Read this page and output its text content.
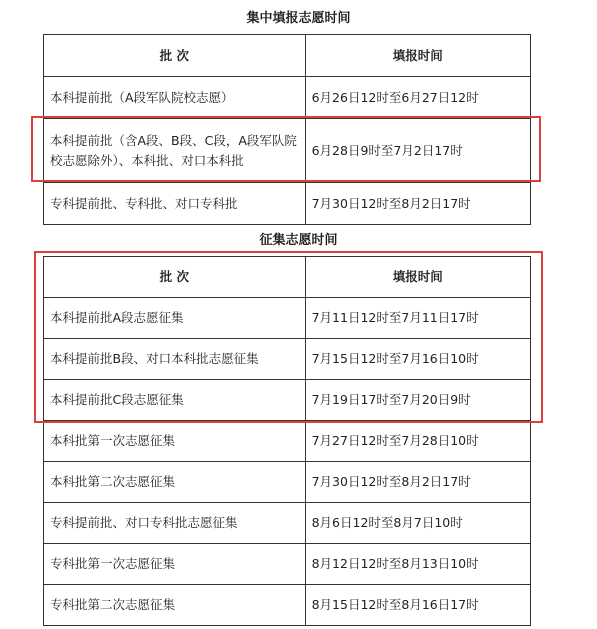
集中填报志愿时间
批 次	填报时间
本科提前批（A段军队院校志愿）	6月26日12时至6月27日12时
本科提前批（含A段、B段、C段，A段军队院校志愿除外）、本科批、对口本科批	6月28日9时至7月2日17时
专科提前批、专科批、对口专科批	7月30日12时至8月2日17时
征集志愿时间
批 次	填报时间
本科提前批A段志愿征集	7月11日12时至7月11日17时
本科提前批B段、对口本科批志愿征集	7月15日12时至7月16日10时
本科提前批C段志愿征集	7月19日17时至7月20日9时
本科批第一次志愿征集	7月27日12时至7月28日10时
本科批第二次志愿征集	7月30日12时至8月2日17时
专科提前批、对口专科批志愿征集	8月6日12时至8月7日10时
专科批第一次志愿征集	8月12日12时至8月13日10时
专科批第二次志愿征集	8月15日12时至8月16日17时
